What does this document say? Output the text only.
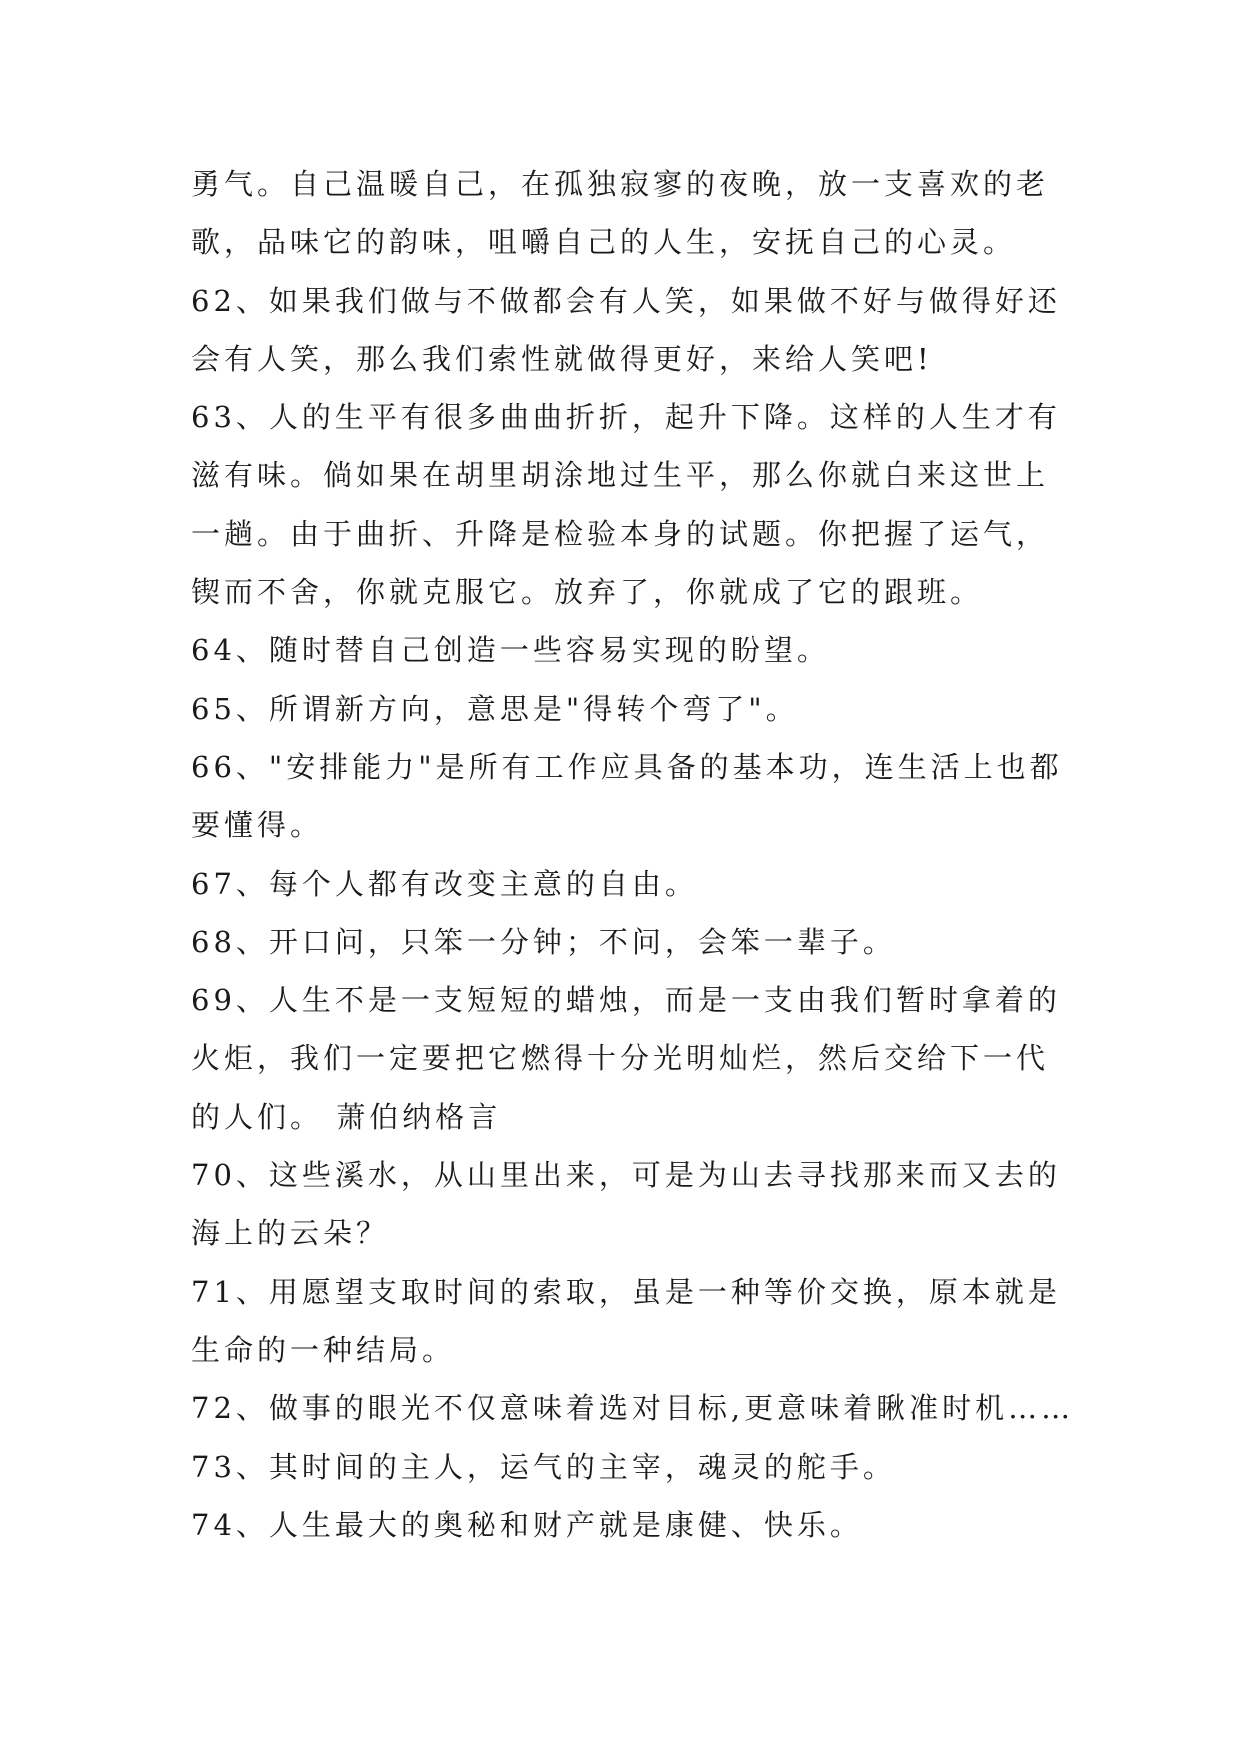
勇气。自己温暖自己，在孤独寂寥的夜晚，放一支喜欢的老
歌，品味它的韵味，咀嚼自己的人生，安抚自己的心灵。
62、如果我们做与不做都会有人笑，如果做不好与做得好还
会有人笑，那么我们索性就做得更好，来给人笑吧!
63、人的生平有很多曲曲折折，起升下降。这样的人生才有
滋有味。倘如果在胡里胡涂地过生平，那么你就白来这世上
一趟。由于曲折、升降是检验本身的试题。你把握了运气，
锲而不舍，你就克服它。放弃了，你就成了它的跟班。
64、随时替自己创造一些容易实现的盼望。
65、所谓新方向，意思是"得转个弯了"。
66、"安排能力"是所有工作应具备的基本功，连生活上也都
要懂得。
67、每个人都有改变主意的自由。
68、开口问，只笨一分钟；不问，会笨一辈子。
69、人生不是一支短短的蜡烛，而是一支由我们暂时拿着的
火炬，我们一定要把它燃得十分光明灿烂，然后交给下一代
的人们。 萧伯纳格言
70、这些溪水，从山里出来，可是为山去寻找那来而又去的
海上的云朵？
71、用愿望支取时间的索取，虽是一种等价交换，原本就是
生命的一种结局。
72、做事的眼光不仅意味着选对目标,更意味着瞅准时机……
73、其时间的主人，运气的主宰，魂灵的舵手。
74、人生最大的奥秘和财产就是康健、快乐。
